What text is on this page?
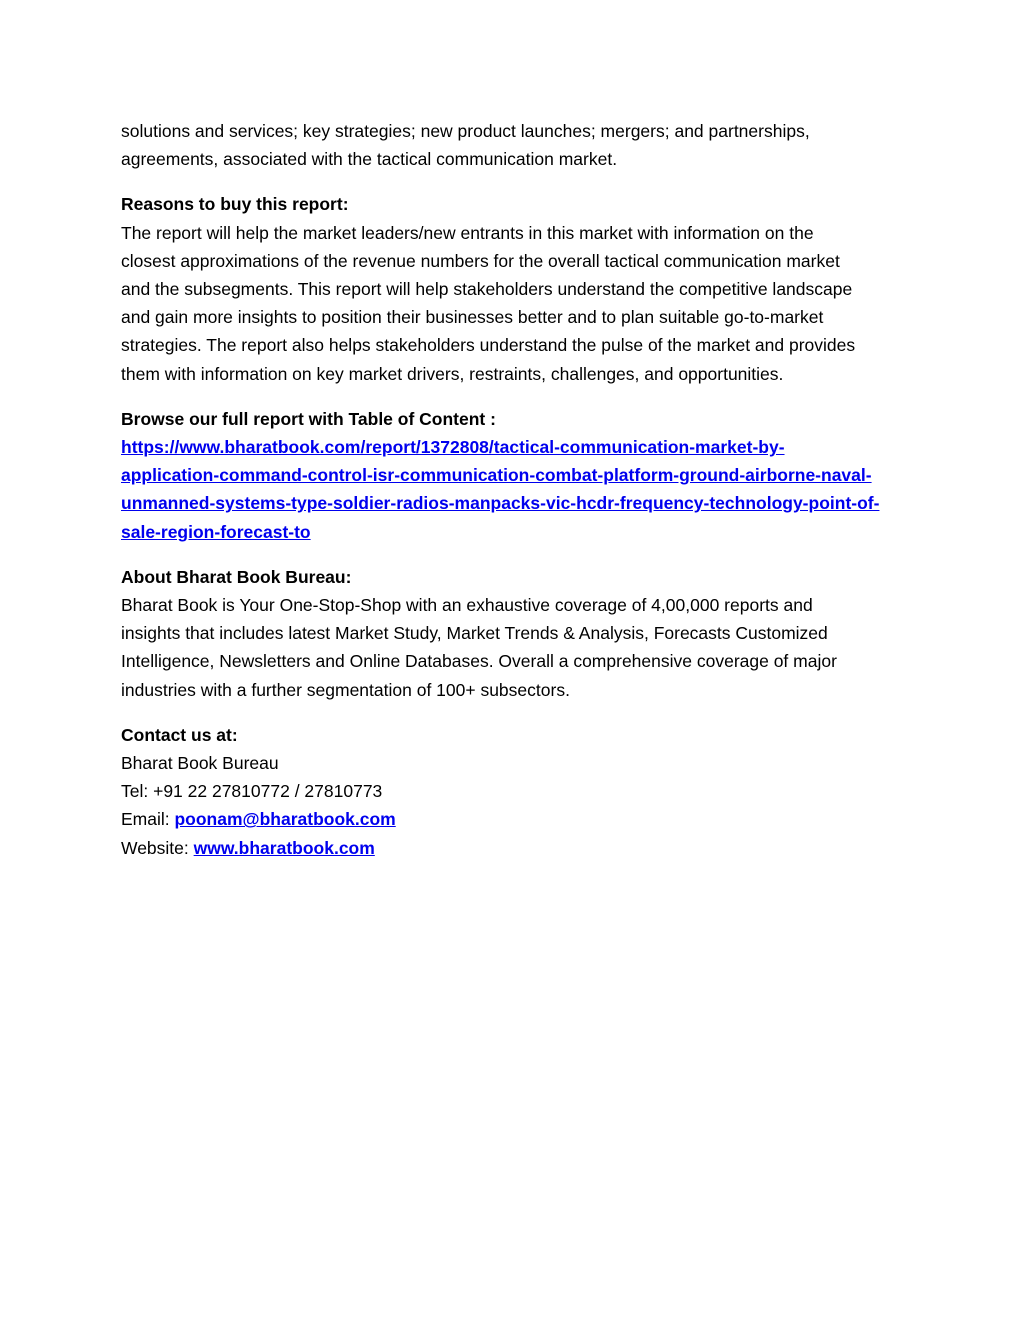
solutions and services; key strategies; new product launches; mergers; and partnerships,
agreements, associated with the tactical communication market.

Reasons to buy this report:
The report will help the market leaders/new entrants in this market with information on the
closest approximations of the revenue numbers for the overall tactical communication market
and the subsegments. This report will help stakeholders understand the competitive landscape
and gain more insights to position their businesses better and to plan suitable go-to-market
strategies. The report also helps stakeholders understand the pulse of the market and provides
them with information on key market drivers, restraints, challenges, and opportunities.

Browse our full report with Table of Content :
https://www.bharatbook.com/report/1372808/tactical-communication-market-by-
application-command-control-isr-communication-combat-platform-ground-airborne-naval-
unmanned-systems-type-soldier-radios-manpacks-vic-hcdr-frequency-technology-point-of-
sale-region-forecast-to

About Bharat Book Bureau:
Bharat Book is Your One-Stop-Shop with an exhaustive coverage of 4,00,000 reports and
insights that includes latest Market Study, Market Trends & Analysis, Forecasts Customized
Intelligence, Newsletters and Online Databases. Overall a comprehensive coverage of major
industries with a further segmentation of 100+ subsectors.

Contact us at:
Bharat Book Bureau
Tel: +91 22 27810772 / 27810773
Email: poonam@bharatbook.com
Website: www.bharatbook.com
